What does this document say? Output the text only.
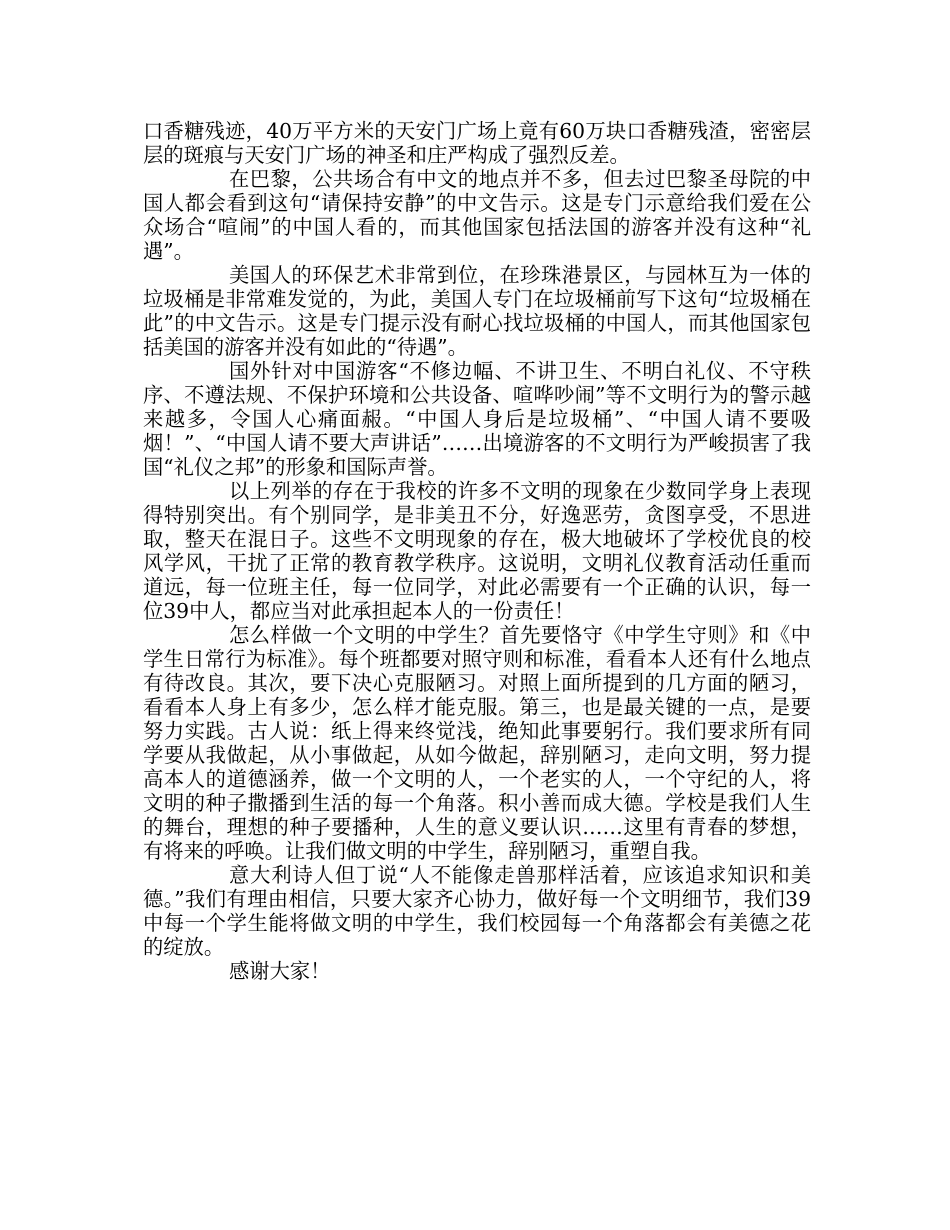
口香糖残迹，40万平方米的天安门广场上竟有60万块口香糖残渣，密密层层的斑痕与天安门广场的神圣和庄严构成了强烈反差。

在巴黎，公共场合有中文的地点并不多，但去过巴黎圣母院的中国人都会看到这句“请保持安静”的中文告示。这是专门示意给我们爱在公众场合“喧闹”的中国人看的，而其他国家包括法国的游客并没有这种“礼遇”。

美国人的环保艺术非常到位，在珍珠港景区，与园林互为一体的垃圾桶是非常难发觉的，为此，美国人专门在垃圾桶前写下这句“垃圾桶在此”的中文告示。这是专门提示没有耐心找垃圾桶的中国人，而其他国家包括美国的游客并没有如此的“待遇”。

国外针对中国游客“不修边幅、不讲卫生、不明白礼仪、不守秩序、不遵法规、不保护环境和公共设备、喧哗吵闹”等不文明行为的警示越来越多，令国人心痛面赧。“中国人身后是垃圾桶”、“中国人请不要吸烟！”、“中国人请不要大声讲话”……出境游客的不文明行为严峻损害了我国“礼仪之邦”的形象和国际声誉。

以上列举的存在于我校的许多不文明的现象在少数同学身上表现得特别突出。有个别同学，是非美丑不分，好逸恶劳，贪图享受，不思进取，整天在混日子。这些不文明现象的存在，极大地破坏了学校优良的校风学风，干扰了正常的教育教学秩序。这说明，文明礼仪教育活动任重而道远，每一位班主任，每一位同学，对此必需要有一个正确的认识，每一位39中人，都应当对此承担起本人的一份责任！

怎么样做一个文明的中学生？首先要恪守《中学生守则》和《中学生日常行为标准》。每个班都要对照守则和标准，看看本人还有什么地点有待改良。其次，要下决心克服陋习。对照上面所提到的几方面的陋习，看看本人身上有多少，怎么样才能克服。第三，也是最关键的一点，是要努力实践。古人说：纸上得来终觉浅，绝知此事要躬行。我们要求所有同学要从我做起，从小事做起，从如今做起，辞别陋习，走向文明，努力提高本人的道德涵养，做一个文明的人，一个老实的人，一个守纪的人，将文明的种子撒播到生活的每一个角落。积小善而成大德。学校是我们人生的舞台，理想的种子要播种，人生的意义要认识……这里有青春的梦想，有将来的呼唤。让我们做文明的中学生，辞别陋习，重塑自我。

意大利诗人但丁说“人不能像走兽那样活着，应该追求知识和美德。”我们有理由相信，只要大家齐心协力，做好每一个文明细节，我们39中每一个学生能将做文明的中学生，我们校园每一个角落都会有美德之花的绽放。

感谢大家！
